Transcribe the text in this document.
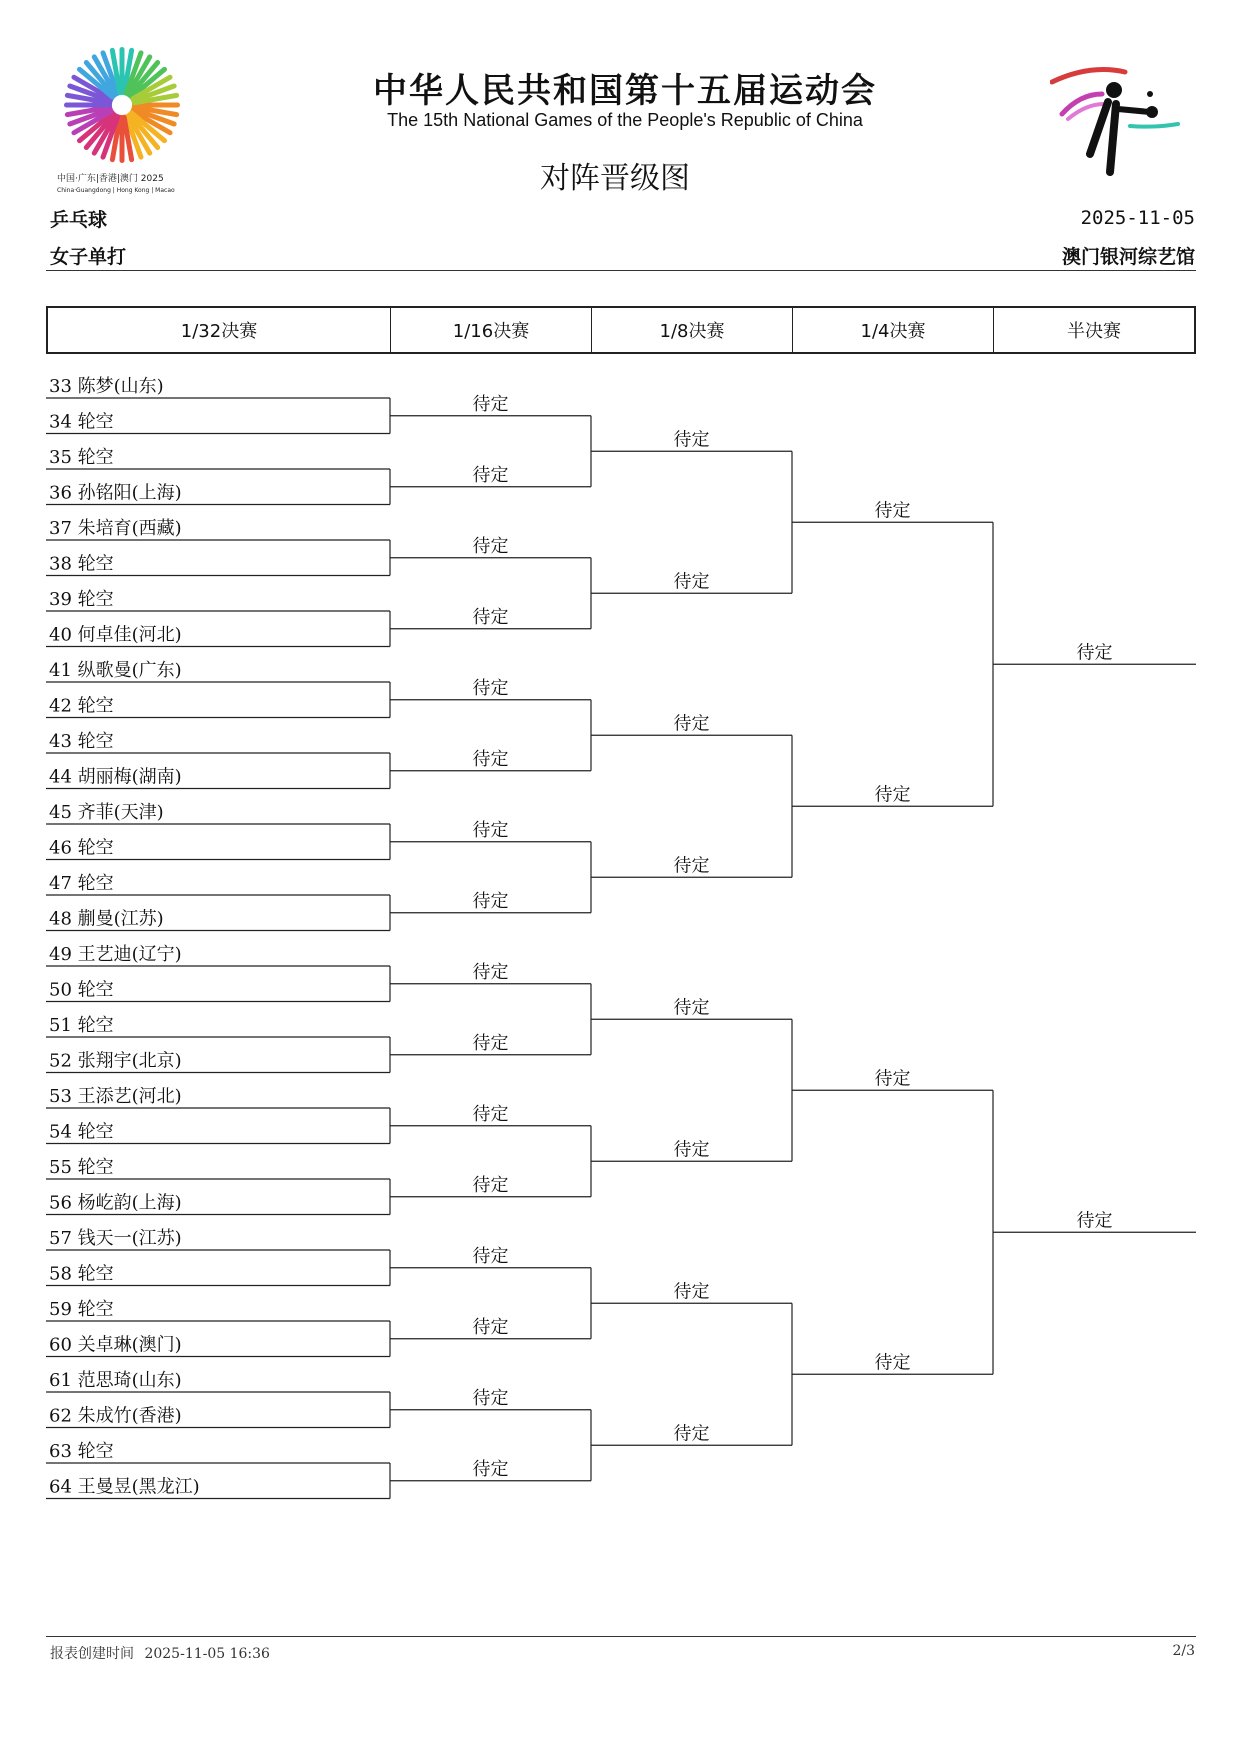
中国·广东|香港|澳门 2025
China·Guangdong | Hong Kong | Macao
中华人民共和国第十五届运动会
The 15th National Games of the People's Republic of China
对阵晋级图
乒乓球
女子单打
2025-11-05
澳门银河综艺馆
1/32决赛	1/16决赛	1/8决赛	1/4决赛	半决赛
33 陈梦(山东)
34 轮空
35 轮空
36 孙铭阳(上海)
37 朱培育(西藏)
38 轮空
39 轮空
40 何卓佳(河北)
41 纵歌曼(广东)
42 轮空
43 轮空
44 胡丽梅(湖南)
45 齐菲(天津)
46 轮空
47 轮空
48 蒯曼(江苏)
49 王艺迪(辽宁)
50 轮空
51 轮空
52 张翔宇(北京)
53 王添艺(河北)
54 轮空
55 轮空
56 杨屹韵(上海)
57 钱天一(江苏)
58 轮空
59 轮空
60 关卓琳(澳门)
61 范思琦(山东)
62 朱成竹(香港)
63 轮空
64 王曼昱(黑龙江)
待定
待定
待定
待定
待定
待定
待定
待定
待定
待定
待定
待定
待定
待定
待定
待定
待定
待定
待定
待定
待定
待定
待定
待定
待定
待定
待定
待定
待定
待定
报表创建时间 2025-11-05 16:36	2/3
